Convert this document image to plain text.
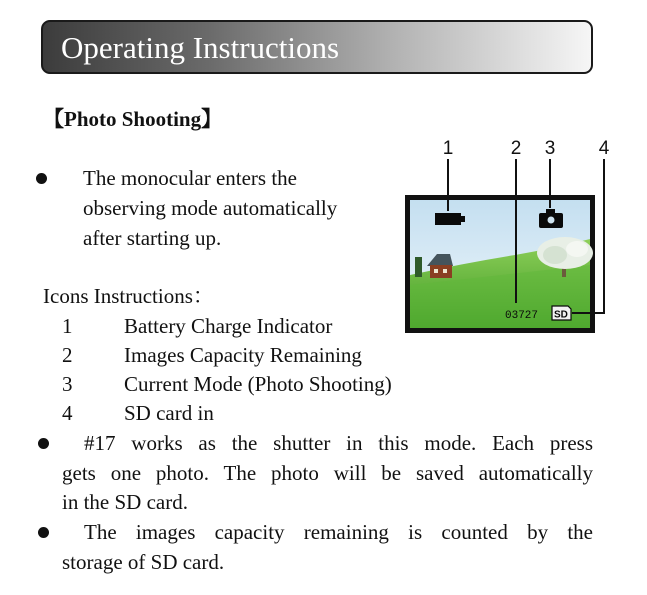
Operating Instructions
【Photo Shooting】
The monocular enters the
observing mode automatically
after starting up.
Icons Instructions：
1 Battery Charge Indicator
2 Images Capacity Remaining
3 Current Mode (Photo Shooting)
4 SD card in
#17 works as the shutter in this mode. Each press
gets one photo. The photo will be saved automatically
in the SD card.
The images capacity remaining is counted by the
storage of SD card.
1	2 3 4
03727 SD
